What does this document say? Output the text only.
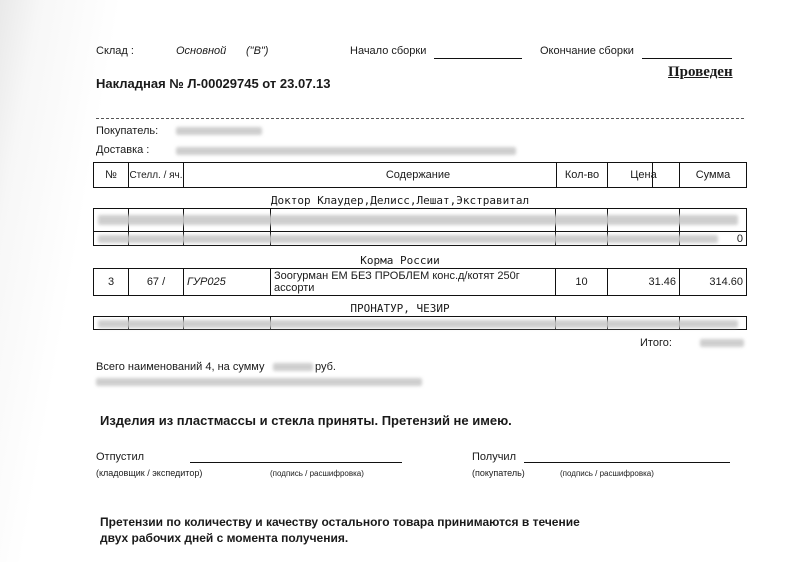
Склад :	Основной ("В")	Начало сборки	Окончание сборки
Накладная № Л-00029745 от 23.07.13
Проведен
Покупатель:
Доставка :
№	Стелл. / яч.	Содержание	Кол-во	Цена	Сумма
Доктор Клаудер,Делисс,Лешат,Экстравитал
0
Корма России
3	67 /	ГУР025	Зоогурман ЕМ БЕЗ ПРОБЛЕМ конс.д/котят 250г ассорти	10	31.46	314.60
ПРОНАТУР, ЧЕЗИР
Итого:
Всего наименований 4, на сумму	руб.
Изделия из пластмассы и стекла приняты. Претензий не имею.
Отпустил
(кладовщик / экспедитор)	(подпись / расшифровка)
Получил
(покупатель)	(подпись / расшифровка)
Претензии по количеству и качеству остального товара принимаются в течение
двух рабочих дней с момента получения.
